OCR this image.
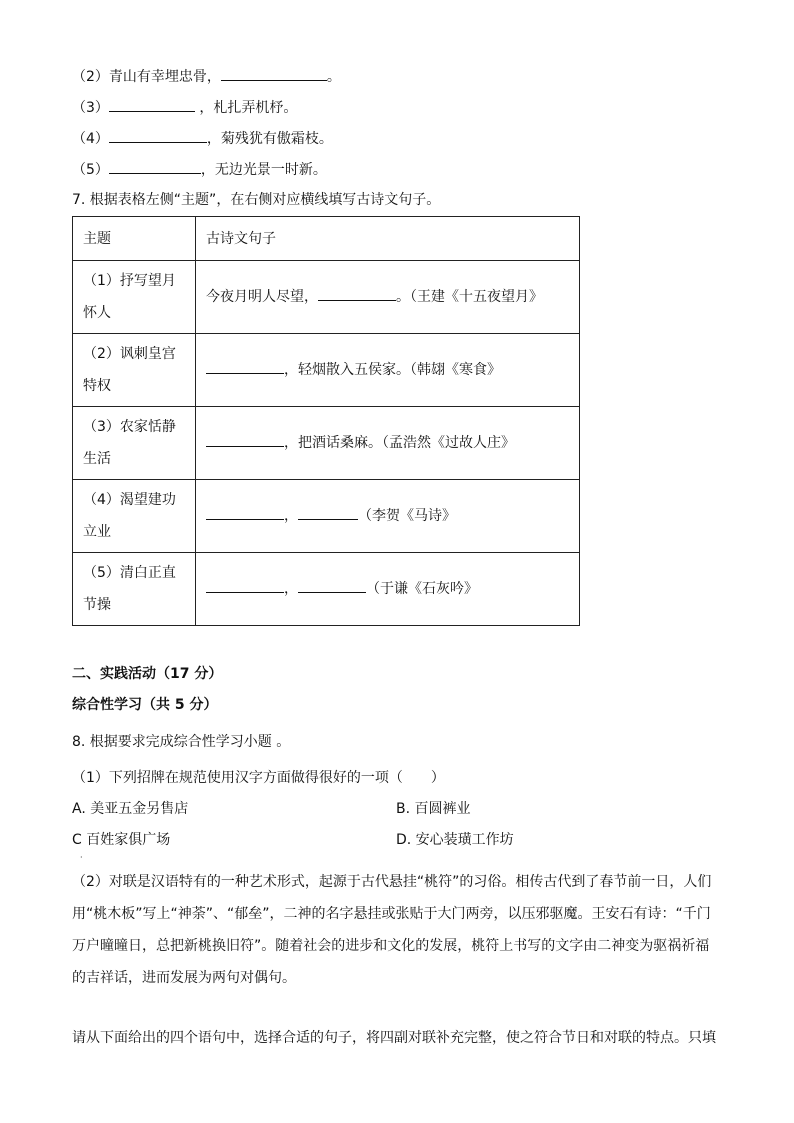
（2）青山有幸埋忠骨，	。
（3）	，札扎弄机杼。
（4）	，菊残犹有傲霜枝。
（5）	，无边光景一时新。
7. 根据表格左侧“主题”，在右侧对应横线填写古诗文句子。
主题	古诗文句子
（1）抒写望月怀人	今夜月明人尽望， 。（王建《十五夜望月》
（2）讽刺皇宫特权	，轻烟散入五侯家。（韩翃《寒食》
（3）农家恬静生活	，把酒话桑麻。（孟浩然《过故人庄》
（4）渴望建功立业	， （李贺《马诗》
（5）清白正直节操	， （于谦《石灰吟》
二、实践活动（17 分）
综合性学习（共 5 分）
8. 根据要求完成综合性学习小题 。
（1）下列招牌在规范使用汉字方面做得很好的一项（　　）
A. 美亚五金另售店	B. 百圆裤业
C 百姓家俱广场	D. 安心装璜工作坊
·
（2）对联是汉语特有的一种艺术形式，起源于古代悬挂“桃符”的习俗。相传古代到了春节前一日，人们用“桃木板”写上“神荼”、“郁垒”，二神的名字悬挂或张贴于大门两旁，以压邪驱魔。王安石有诗：“千门万户曈曈日，总把新桃换旧符”。随着社会的进步和文化的发展，桃符上书写的文字由二神变为驱祸祈福的吉祥话，进而发展为两句对偶句。
请从下面给出的四个语句中，选择合适的句子，将四副对联补充完整，使之符合节日和对联的特点。只填
